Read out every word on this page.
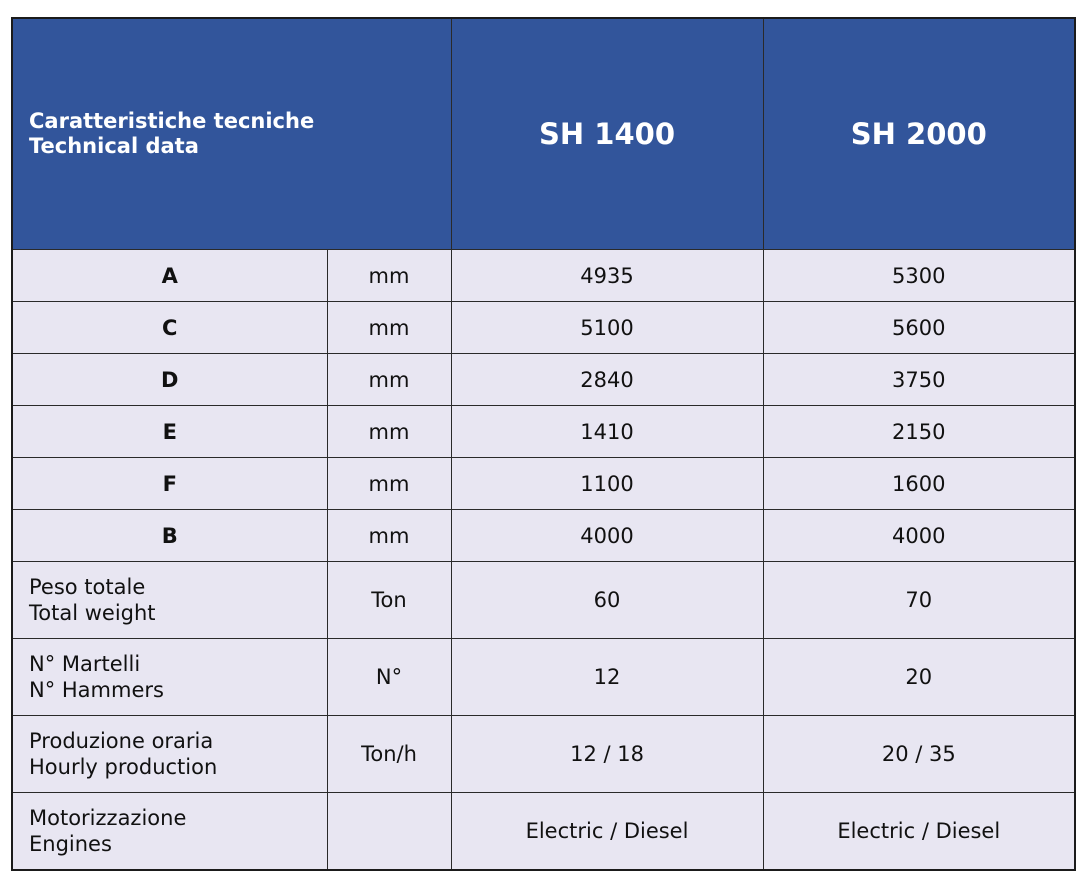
Caratteristiche tecniche
Technical data		SH 1400	SH 2000
A	mm	4935	5300
C	mm	5100	5600
D	mm	2840	3750
E	mm	1410	2150
F	mm	1100	1600
B	mm	4000	4000

Peso totale
Total weight	Ton	60	70

N° Martelli
N° Hammers	N°	12	20

Produzione oraria
Hourly production	Ton/h	12 / 18	20 / 35

Motorizzazione
Engines		Electric / Diesel	Electric / Diesel
